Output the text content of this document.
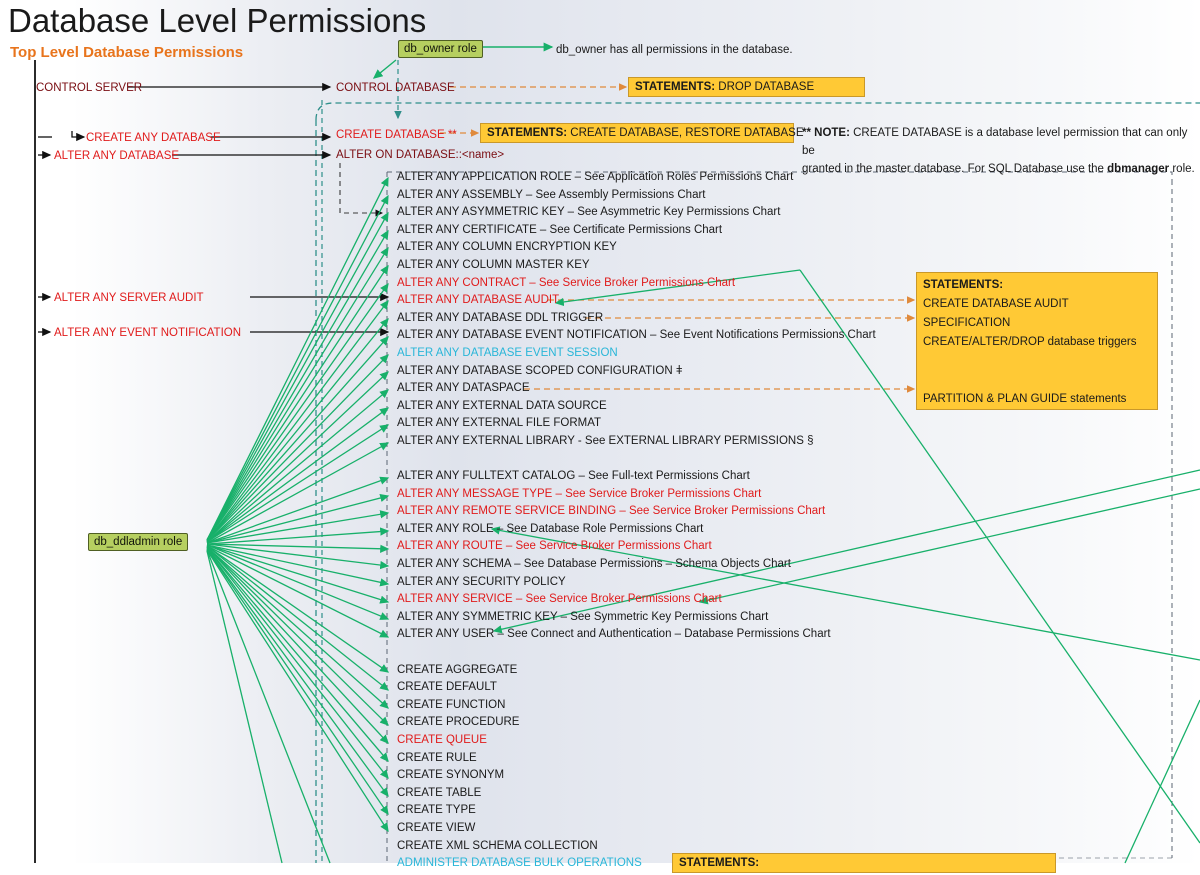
Database Level Permissions
Top Level Database Permissions	db_owner role	db_owner has all permissions in the database.
CONTROL SERVER
CREATE ANY DATABASE
ALTER ANY DATABASE
ALTER ANY SERVER AUDIT
ALTER ANY EVENT NOTIFICATION
CONTROL DATABASE
CREATE DATABASE **
ALTER ON DATABASE::<name>
STATEMENTS: DROP DATABASE
STATEMENTS: CREATE DATABASE, RESTORE DATABASE
** NOTE: CREATE DATABASE is a database level permission that can only be
granted in the master database. For SQL Database use the dbmanager role.
STATEMENTS:
CREATE DATABASE AUDIT SPECIFICATION
CREATE/ALTER/DROP database triggers
PARTITION & PLAN GUIDE statements
STATEMENTS:
db_ddladmin role
ALTER ANY APPLICATION ROLE – See Application Roles Permissions Chart
ALTER ANY ASSEMBLY – See Assembly Permissions Chart
ALTER ANY ASYMMETRIC KEY – See Asymmetric Key Permissions Chart
ALTER ANY CERTIFICATE – See Certificate Permissions Chart
ALTER ANY COLUMN ENCRYPTION KEY
ALTER ANY COLUMN MASTER KEY
ALTER ANY CONTRACT – See Service Broker Permissions Chart
ALTER ANY DATABASE AUDIT
ALTER ANY DATABASE DDL TRIGGER
ALTER ANY DATABASE EVENT NOTIFICATION – See Event Notifications Permissions Chart
ALTER ANY DATABASE EVENT SESSION
ALTER ANY DATABASE SCOPED CONFIGURATION ǂ
ALTER ANY DATASPACE
ALTER ANY EXTERNAL DATA SOURCE
ALTER ANY EXTERNAL FILE FORMAT
ALTER ANY EXTERNAL LIBRARY - See EXTERNAL LIBRARY PERMISSIONS §
ALTER ANY FULLTEXT CATALOG – See Full-text Permissions Chart
ALTER ANY MESSAGE TYPE – See Service Broker Permissions Chart
ALTER ANY REMOTE SERVICE BINDING – See Service Broker Permissions Chart
ALTER ANY ROLE – See Database Role Permissions Chart
ALTER ANY ROUTE – See Service Broker Permissions Chart
ALTER ANY SCHEMA – See Database Permissions – Schema Objects Chart
ALTER ANY SECURITY POLICY
ALTER ANY SERVICE – See Service Broker Permissions Chart
ALTER ANY SYMMETRIC KEY – See Symmetric Key Permissions Chart
ALTER ANY USER – See Connect and Authentication – Database Permissions Chart
CREATE AGGREGATE
CREATE DEFAULT
CREATE FUNCTION
CREATE PROCEDURE
CREATE QUEUE
CREATE RULE
CREATE SYNONYM
CREATE TABLE
CREATE TYPE
CREATE VIEW
CREATE XML SCHEMA COLLECTION
ADMINISTER DATABASE BULK OPERATIONS
